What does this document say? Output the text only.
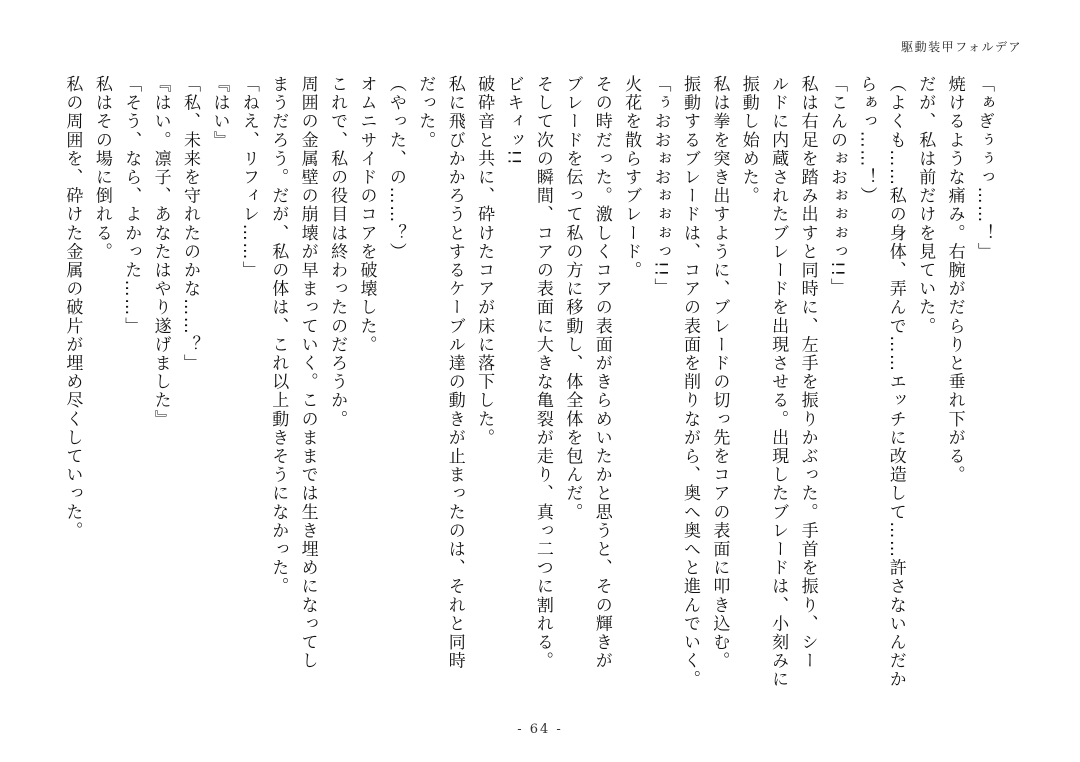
駆動装甲フォルデア
「ぁぎぅぅっ……！」
焼けるような痛み。右腕がだらりと垂れ下がる。
だが、私は前だけを見ていた。
（よくも……私の身体、弄んで……エッチに改造して……許さないんだか
らぁっ……！）
「こんのぉおぉぉぉっ!!」
私は右足を踏み出すと同時に、左手を振りかぶった。手首を振り、シー
ルドに内蔵されたブレードを出現させる。出現したブレードは、小刻みに
振動し始めた。
私は拳を突き出すように、ブレードの切っ先をコアの表面に叩き込む。
振動するブレードは、コアの表面を削りながら、奥へ奥へと進んでいく。
「ぅおおぉおぉぉぉっ!!」
火花を散らすブレード。
その時だった。激しくコアの表面がきらめいたかと思うと、その輝きが
ブレードを伝って私の方に移動し、体全体を包んだ。
そして次の瞬間、コアの表面に大きな亀裂が走り、真っ二つに割れる。
ビキィッ!!
破砕音と共に、砕けたコアが床に落下した。
私に飛びかかろうとするケーブル達の動きが止まったのは、それと同時
だった。
（やった、の……？）
オムニサイドのコアを破壊した。
これで、私の役目は終わったのだろうか。
周囲の金属壁の崩壊が早まっていく。このままでは生き埋めになってし
まうだろう。だが、私の体は、これ以上動きそうになかった。
「ねえ、リフィレ……」
『はい』
「私、未来を守れたのかな……？」
『はい。凛子、あなたはやり遂げました』
「そう、なら、よかった……」
私はその場に倒れる。
私の周囲を、砕けた金属の破片が埋め尽くしていった。
- 64 -
